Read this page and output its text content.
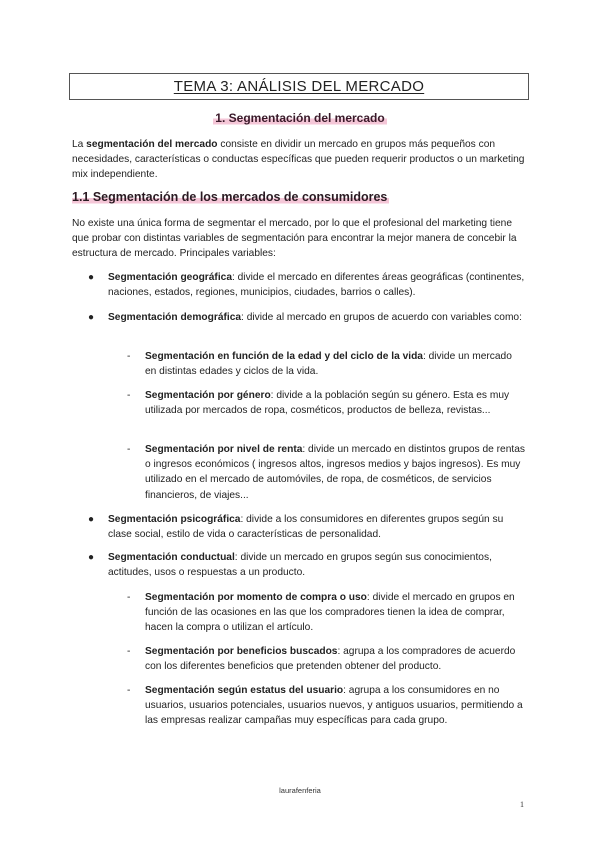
TEMA 3: ANÁLISIS DEL MERCADO
1. Segmentación del mercado
La segmentación del mercado consiste en dividir un mercado en grupos más pequeños con necesidades, características o conductas específicas que pueden requerir productos o un marketing mix independiente.
1.1 Segmentación de los mercados de consumidores
No existe una única forma de segmentar el mercado, por lo que el profesional del marketing tiene que probar con distintas variables de segmentación para encontrar la mejor manera de concebir la estructura de mercado. Principales variables:
● Segmentación geográfica: divide el mercado en diferentes áreas geográficas (continentes, naciones, estados, regiones, municipios, ciudades, barrios o calles).
● Segmentación demográfica: divide al mercado en grupos de acuerdo con variables como:
- Segmentación en función de la edad y del ciclo de la vida: divide un mercado en distintas edades y ciclos de la vida.
- Segmentación por género: divide a la población según su género. Esta es muy utilizada por mercados de ropa, cosméticos, productos de belleza, revistas...
- Segmentación por nivel de renta: divide un mercado en distintos grupos de rentas o ingresos económicos ( ingresos altos, ingresos medios y bajos ingresos). Es muy utilizado en el mercado de automóviles, de ropa, de cosméticos, de servicios financieros, de viajes...
● Segmentación psicográfica: divide a los consumidores en diferentes grupos según su clase social, estilo de vida o características de personalidad.
● Segmentación conductual: divide un mercado en grupos según sus conocimientos, actitudes, usos o respuestas a un producto.
- Segmentación por momento de compra o uso: divide el mercado en grupos en función de las ocasiones en las que los compradores tienen la idea de comprar, hacen la compra o utilizan el artículo.
- Segmentación por beneficios buscados: agrupa a los compradores de acuerdo con los diferentes beneficios que pretenden obtener del producto.
- Segmentación según estatus del usuario: agrupa a los consumidores en no usuarios, usuarios potenciales, usuarios nuevos, y antiguos usuarios, permitiendo a las empresas realizar campañas muy específicas para cada grupo.
laurafenferia
1
